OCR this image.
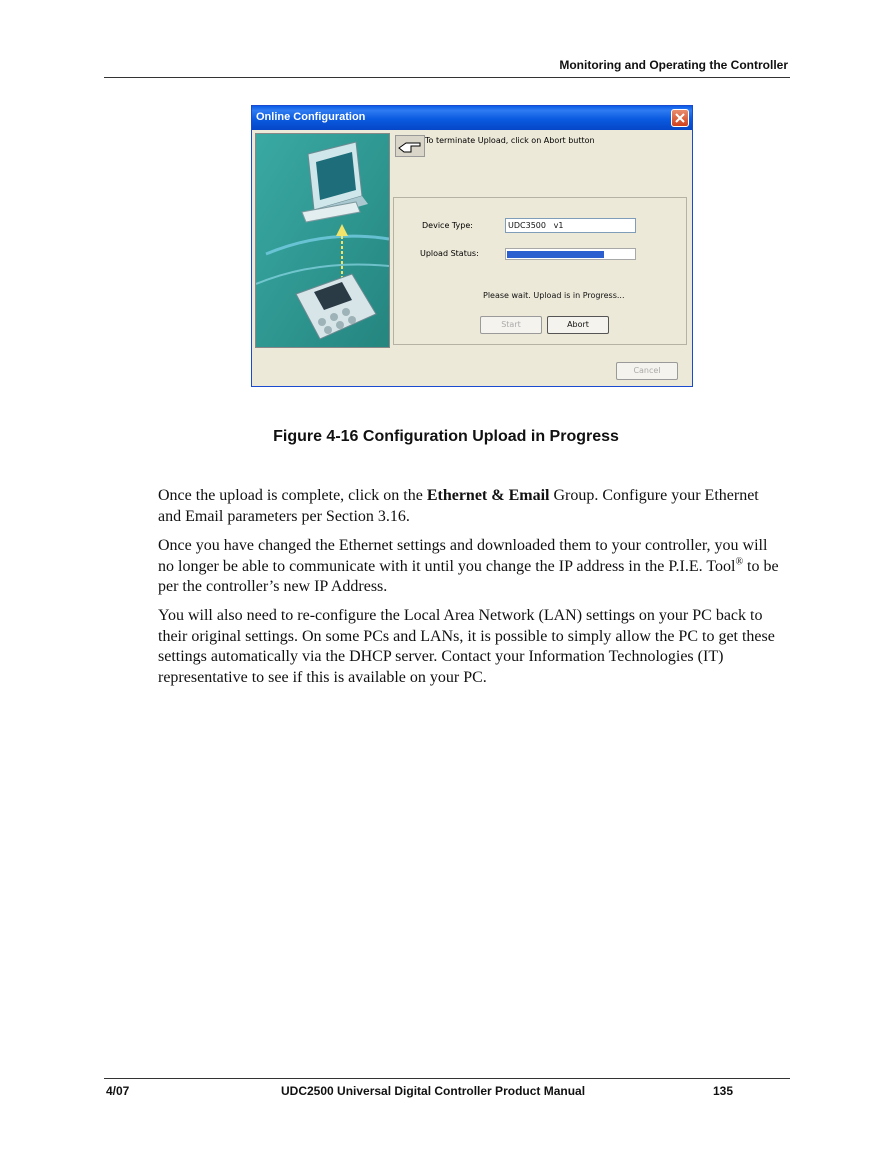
Monitoring and Operating the Controller
Online Configuration
To terminate Upload, click on Abort button
Device Type:	UDC3500   v1
Upload Status:
Please wait. Upload is in Progress...
Start	Abort
Cancel
Figure 4-16 Configuration Upload in Progress

Once the upload is complete, click on the Ethernet & Email Group. Configure your Ethernet and Email parameters per Section 3.16.

Once you have changed the Ethernet settings and downloaded them to your controller, you will no longer be able to communicate with it until you change the IP address in the P.I.E. Tool® to be per the controller’s new IP Address.

You will also need to re-configure the Local Area Network (LAN) settings on your PC back to their original settings. On some PCs and LANs, it is possible to simply allow the PC to get these settings automatically via the DHCP server. Contact your Information Technologies (IT) representative to see if this is available on your PC.

4/07	UDC2500 Universal Digital Controller Product Manual	135
